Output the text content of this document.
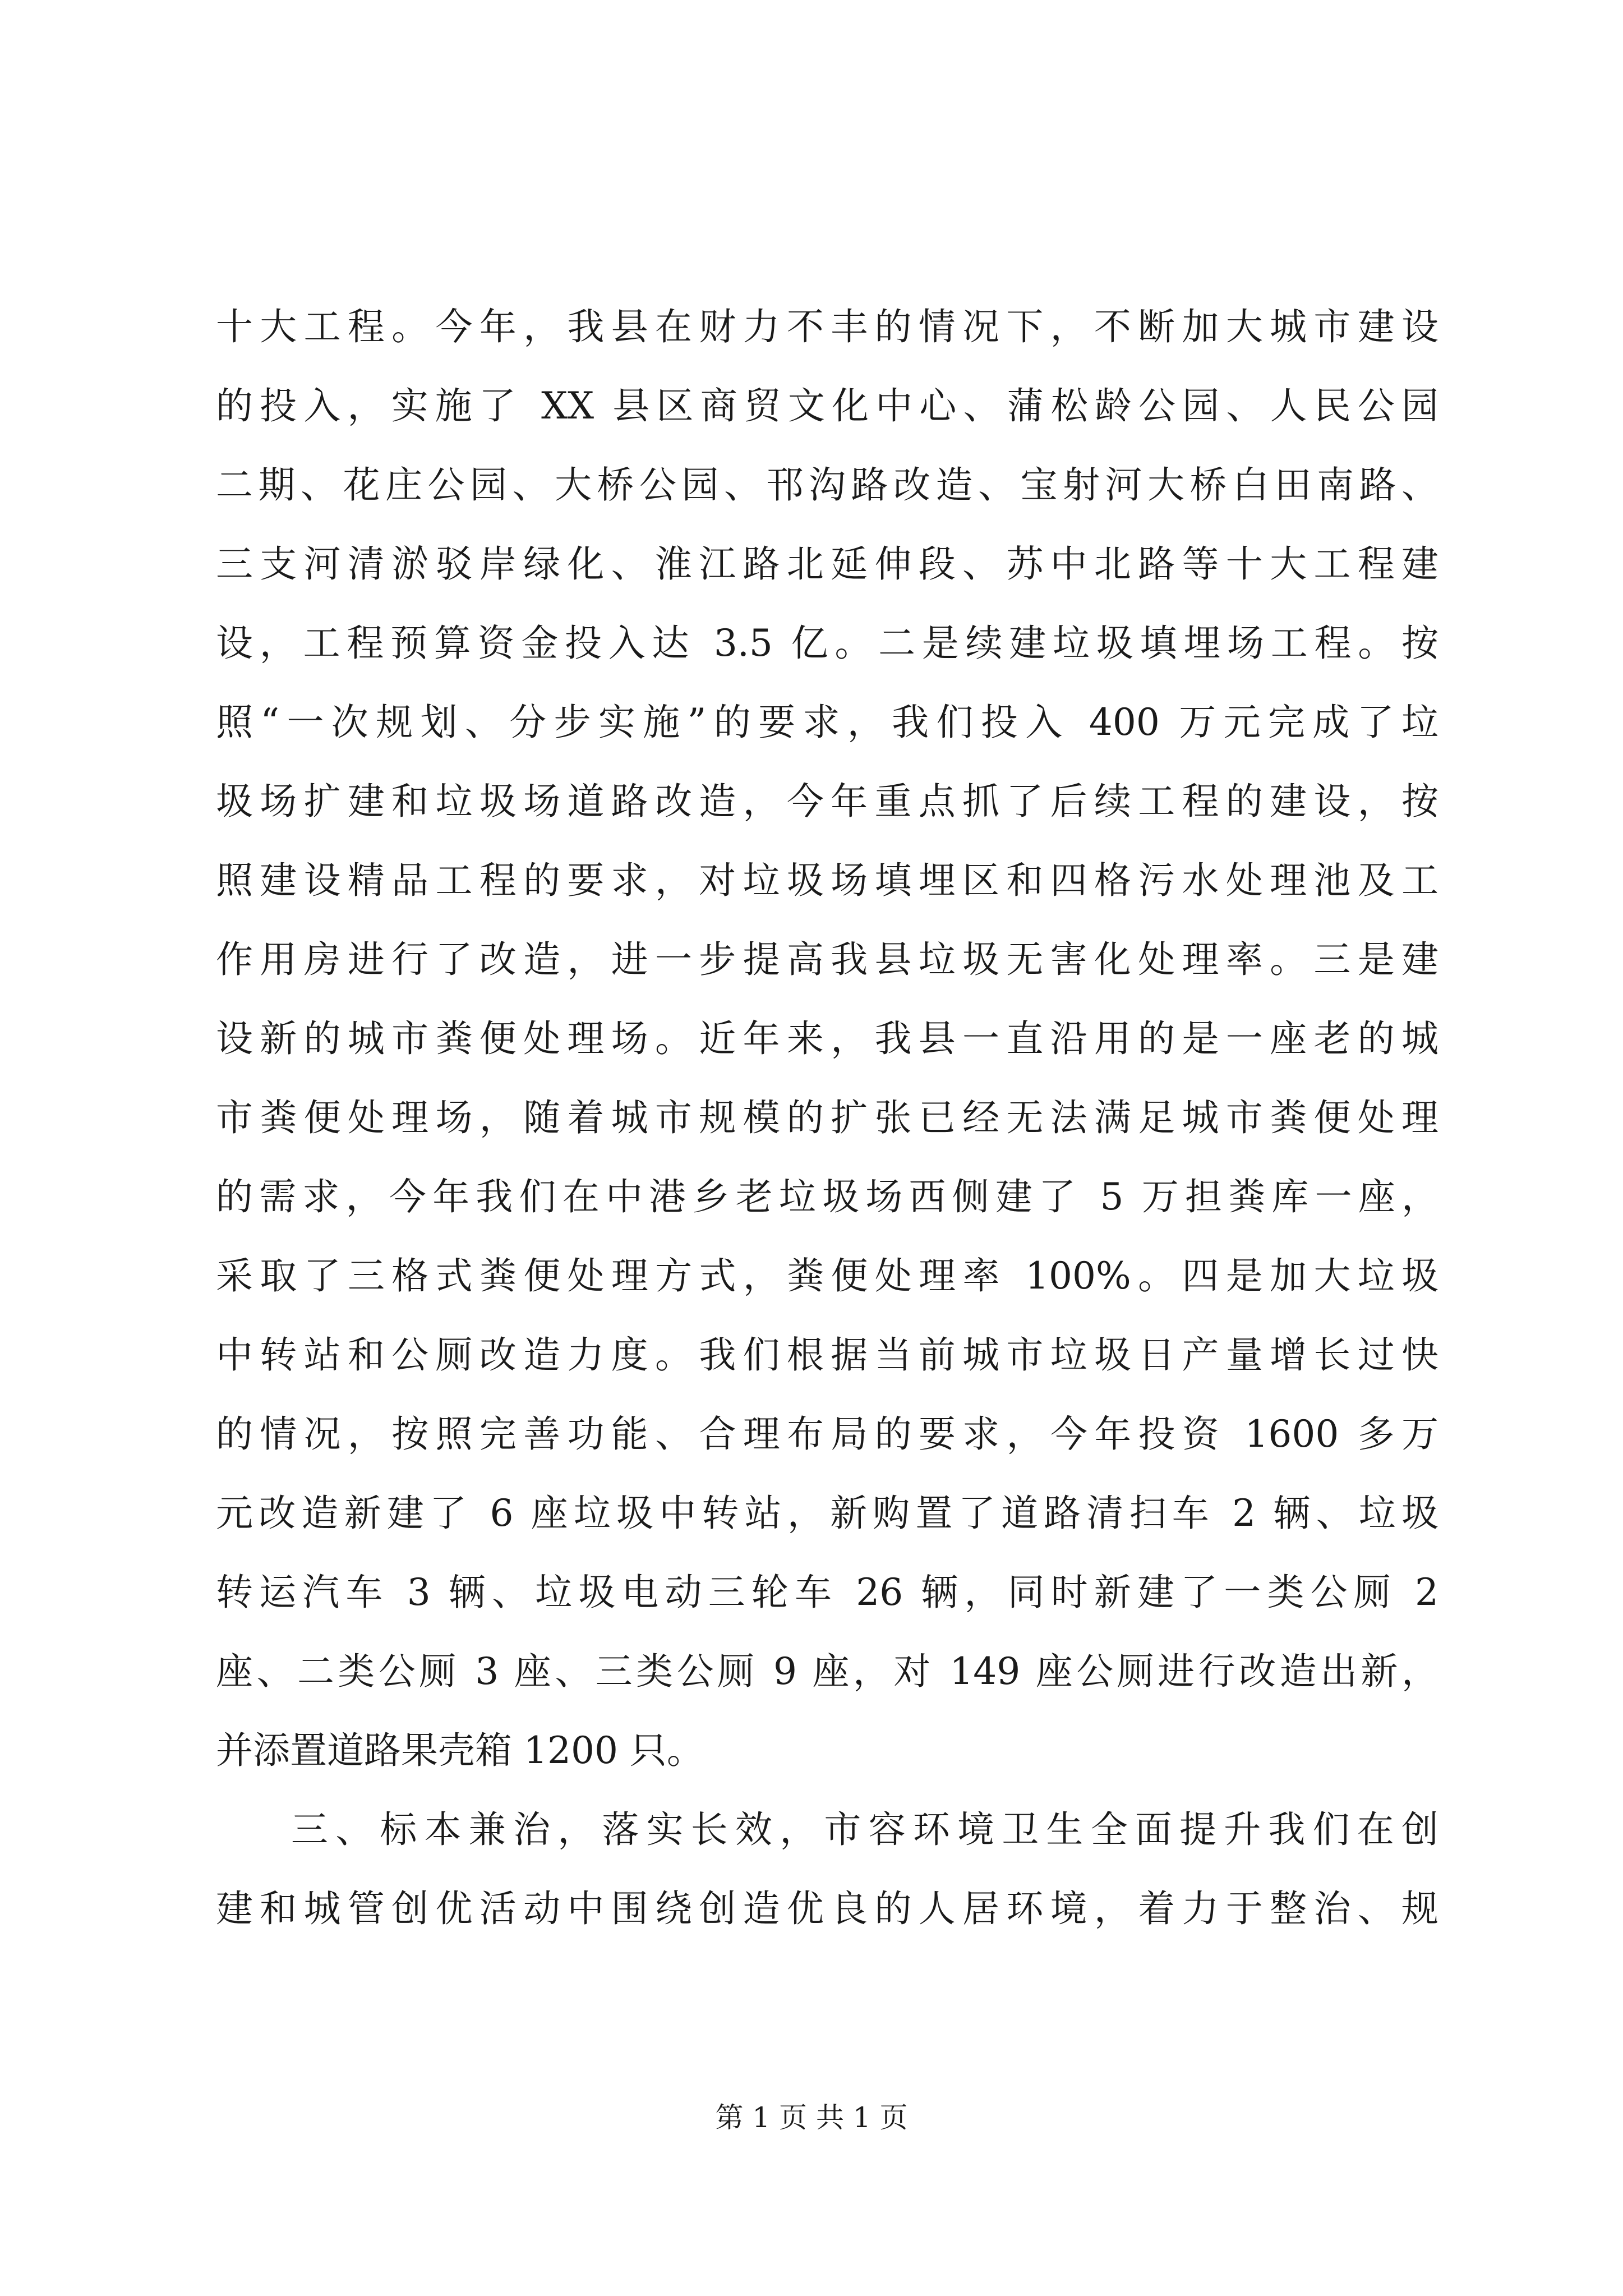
十大工程。今年，我县在财力不丰的情况下，不断加大城市建设
的投入，实施了 XX 县区商贸文化中心、蒲松龄公园、人民公园
二期、花庄公园、大桥公园、邗沟路改造、宝射河大桥白田南路、
三支河清淤驳岸绿化、淮江路北延伸段、苏中北路等十大工程建
设，工程预算资金投入达 3.5 亿。二是续建垃圾填埋场工程。按
照“一次规划、分步实施”的要求，我们投入 400 万元完成了垃
圾场扩建和垃圾场道路改造，今年重点抓了后续工程的建设，按
照建设精品工程的要求，对垃圾场填埋区和四格污水处理池及工
作用房进行了改造，进一步提高我县垃圾无害化处理率。三是建
设新的城市粪便处理场。近年来，我县一直沿用的是一座老的城
市粪便处理场，随着城市规模的扩张已经无法满足城市粪便处理
的需求，今年我们在中港乡老垃圾场西侧建了 5 万担粪库一座，
采取了三格式粪便处理方式，粪便处理率 100%。四是加大垃圾
中转站和公厕改造力度。我们根据当前城市垃圾日产量增长过快
的情况，按照完善功能、合理布局的要求，今年投资 1600 多万
元改造新建了 6 座垃圾中转站，新购置了道路清扫车 2 辆、垃圾
转运汽车 3 辆、垃圾电动三轮车 26 辆，同时新建了一类公厕 2
座、二类公厕 3 座、三类公厕 9 座，对 149 座公厕进行改造出新，
并添置道路果壳箱 1200 只。
三、标本兼治，落实长效，市容环境卫生全面提升我们在创
建和城管创优活动中围绕创造优良的人居环境，着力于整治、规
第 1 页 共 1 页
